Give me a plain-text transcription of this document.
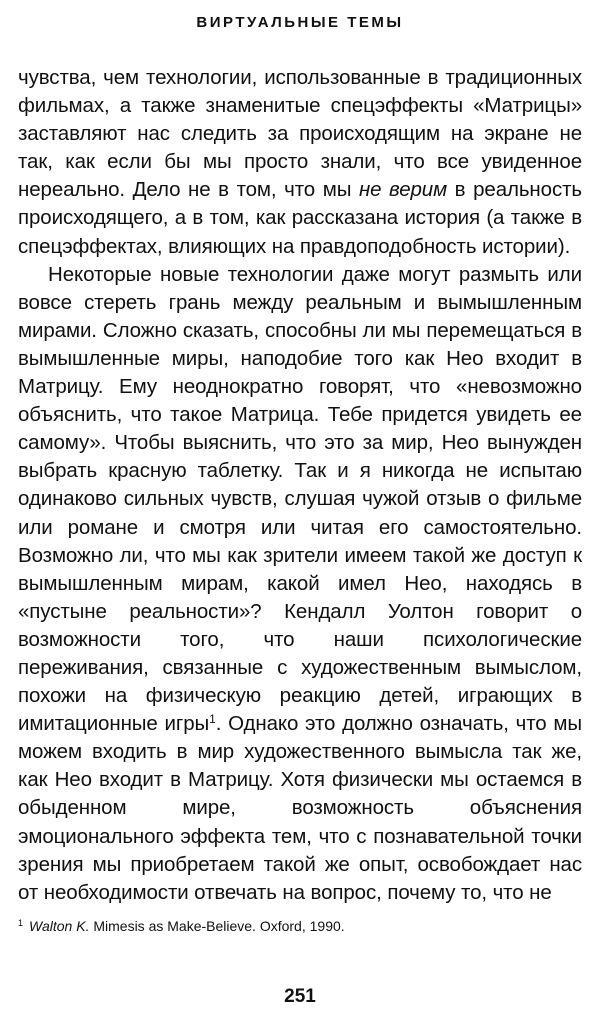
ВИРТУАЛЬНЫЕ ТЕМЫ

чувства, чем технологии, использованные в традиционных фильмах, а также знаменитые спецэффекты «Матрицы» заставляют нас следить за происходящим на экране не так, как если бы мы просто знали, что все увиденное нереально. Дело не в том, что мы не верим в реальность происходящего, а в том, как рассказана история (а также в спецэффектах, влияющих на правдоподобность истории).

Некоторые новые технологии даже могут размыть или вовсе стереть грань между реальным и вымышленным мирами. Сложно сказать, способны ли мы перемещаться в вымышленные миры, наподобие того как Нео входит в Матрицу. Ему неоднократно говорят, что «невозможно объяснить, что такое Матрица. Тебе придется увидеть ее самому». Чтобы выяснить, что это за мир, Нео вынужден выбрать красную таблетку. Так и я никогда не испытаю одинаково сильных чувств, слушая чужой отзыв о фильме или романе и смотря или читая его самостоятельно. Возможно ли, что мы как зрители имеем такой же доступ к вымышленным мирам, какой имел Нео, находясь в «пустыне реальности»? Кендалл Уолтон говорит о возможности того, что наши психологические переживания, связанные с художественным вымыслом, похожи на физическую реакцию детей, играющих в имитационные игры$^1$. Однако это должно означать, что мы можем входить в мир художественного вымысла так же, как Нео входит в Матрицу. Хотя физически мы остаемся в обыденном мире, возможность объяснения эмоционального эффекта тем, что с познавательной точки зрения мы приобретаем такой же опыт, освобождает нас от необходимости отвечать на вопрос, почему то, что не

$^1$ Walton K. Mimesis as Make-Believe. Oxford, 1990.
251
